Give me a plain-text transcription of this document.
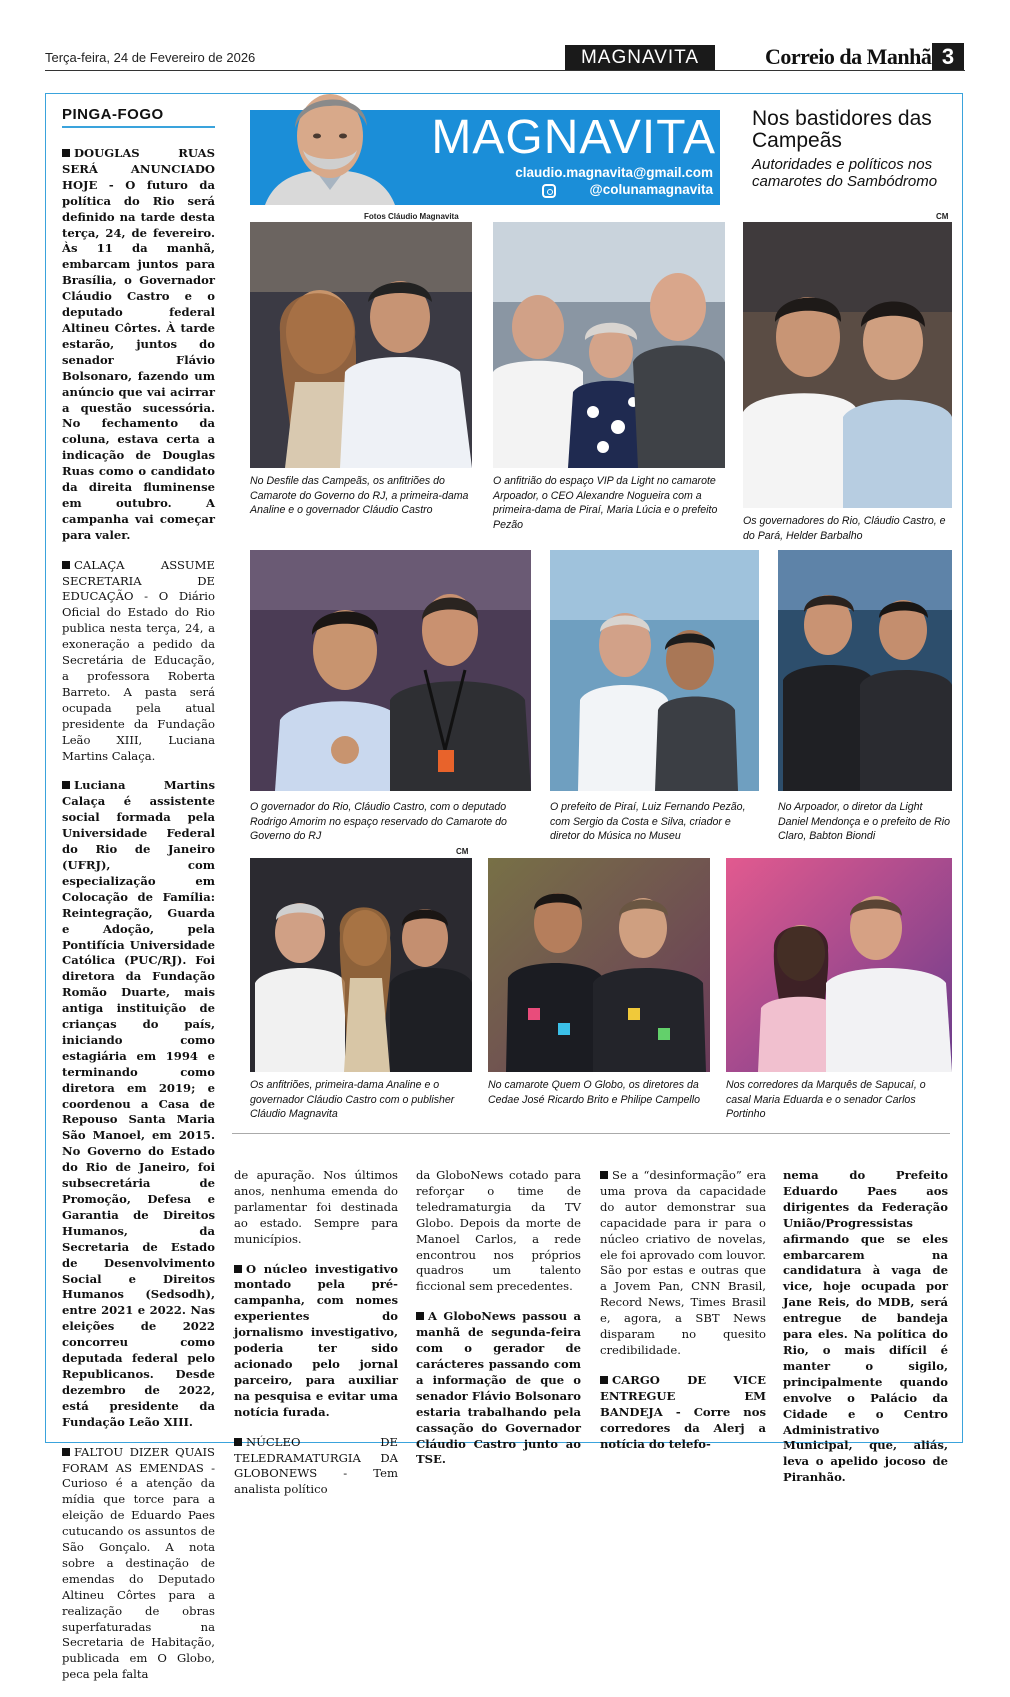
Terça-feira, 24 de Fevereiro de 2026	MAGNAVITA	Correio da Manhã 3
PINGA-FOGO

DOUGLAS RUAS SERÁ ANUNCIADO HOJE - O futuro da política do Rio será definido na tarde desta terça, 24, de fevereiro. Às 11 da manhã, embarcam juntos para Brasília, o Governador Cláudio Castro e o deputado federal Altineu Côrtes. À tarde estarão, juntos do senador Flávio Bolsonaro, fazendo um anúncio que vai acirrar a questão sucessória. No fechamento da coluna, estava certa a indicação de Douglas Ruas como o candidato da direita fluminense em outubro. A campanha vai começar para valer.

CALAÇA ASSUME SECRETARIA DE EDUCAÇÃO - O Diário Oficial do Estado do Rio publica nesta terça, 24, a exoneração a pedido da Secretária de Educação, a professora Roberta Barreto. A pasta será ocupada pela atual presidente da Fundação Leão XIII, Luciana Martins Calaça.

Luciana Martins Calaça é assistente social formada pela Universidade Federal do Rio de Janeiro (UFRJ), com especialização em Colocação de Família: Reintegração, Guarda e Adoção, pela Pontifícia Universidade Católica (PUC/RJ). Foi diretora da Fundação Romão Duarte, mais antiga instituição de crianças do país, iniciando como estagiária em 1994 e terminando como diretora em 2019; e coordenou a Casa de Repouso Santa Maria São Manoel, em 2015. No Governo do Estado do Rio de Janeiro, foi subsecretária de Promoção, Defesa e Garantia de Direitos Humanos, da Secretaria de Estado de Desenvolvimento Social e Direitos Humanos (Sedsodh), entre 2021 e 2022. Nas eleições de 2022 concorreu como deputada federal pelo Republicanos. Desde dezembro de 2022, está presidente da Fundação Leão XIII.

FALTOU DIZER QUAIS FORAM AS EMENDAS - Curioso é a atenção da mídia que torce para a eleição de Eduardo Paes cutucando os assuntos de São Gonçalo. A nota sobre a destinação de emendas do Deputado Altineu Côrtes para a realização de obras superfaturadas na Secretaria de Habitação, publicada em O Globo, peca pela falta

MAGNAVITA
claudio.magnavita@gmail.com
@colunamagnavita
Nos bastidores das Campeãs
Autoridades e políticos nos camarotes do Sambódromo
Fotos Cláudio Magnavita	CM
CM
No Desfile das Campeãs, os anfitriões do Camarote do Governo do RJ, a primeira-dama Analine e o governador Cláudio Castro
O anfitrião do espaço VIP da Light no camarote Arpoador, o CEO Alexandre Nogueira com a primeira-dama de Piraí, Maria Lúcia e o prefeito Pezão	Os governadores do Rio, Cláudio Castro, e do Pará, Helder Barbalho
O governador do Rio, Cláudio Castro, com o deputado Rodrigo Amorim no espaço reservado do Camarote do Governo do RJ
O prefeito de Piraí, Luiz Fernando Pezão, com Sergio da Costa e Silva, criador e diretor do Música no Museu
No Arpoador, o diretor da Light Daniel Mendonça e o prefeito de Rio Claro, Babton Biondi
Os anfitriões, primeira-dama Analine e o governador Cláudio Castro com o publisher Cláudio Magnavita
No camarote Quem O Globo, os diretores da Cedae José Ricardo Brito e Philipe Campello
Nos corredores da Marquês de Sapucaí, o casal Maria Eduarda e o senador Carlos Portinho

de apuração. Nos últimos anos, nenhuma emenda do parlamentar foi destinada ao estado. Sempre para municípios.

O núcleo investigativo montado pela pré-campanha, com nomes experientes do jornalismo investigativo, poderia ter sido acionado pelo jornal parceiro, para auxiliar na pesquisa e evitar uma notícia furada.

NÚCLEO DE TELEDRAMATURGIA DA GLOBONEWS - Tem analista político

da GloboNews cotado para reforçar o time de teledramaturgia da TV Globo. Depois da morte de Manoel Carlos, a rede encontrou nos próprios quadros um talento ficcional sem precedentes.

A GloboNews passou a manhã de segunda-feira com o gerador de carácteres passando com a informação de que o senador Flávio Bolsonaro estaria trabalhando pela cassação do Governador Cláudio Castro junto ao TSE.

Se a “desinformação” era uma prova da capacidade do autor demonstrar sua capacidade para ir para o núcleo criativo de novelas, ele foi aprovado com louvor. São por estas e outras que a Jovem Pan, CNN Brasil, Record News, Times Brasil e, agora, a SBT News disparam no quesito credibilidade.

CARGO DE VICE ENTREGUE EM BANDEJA - Corre nos corredores da Alerj a notícia do telefo-

nema do Prefeito Eduardo Paes aos dirigentes da Federação União/Progressistas afirmando que se eles embarcarem na candidatura à vaga de vice, hoje ocupada por Jane Reis, do MDB, será entregue de bandeja para eles. Na política do Rio, o mais difícil é manter o sigilo, principalmente quando envolve o Palácio da Cidade e o Centro Administrativo Municipal, que, aliás, leva o apelido jocoso de Piranhão.
